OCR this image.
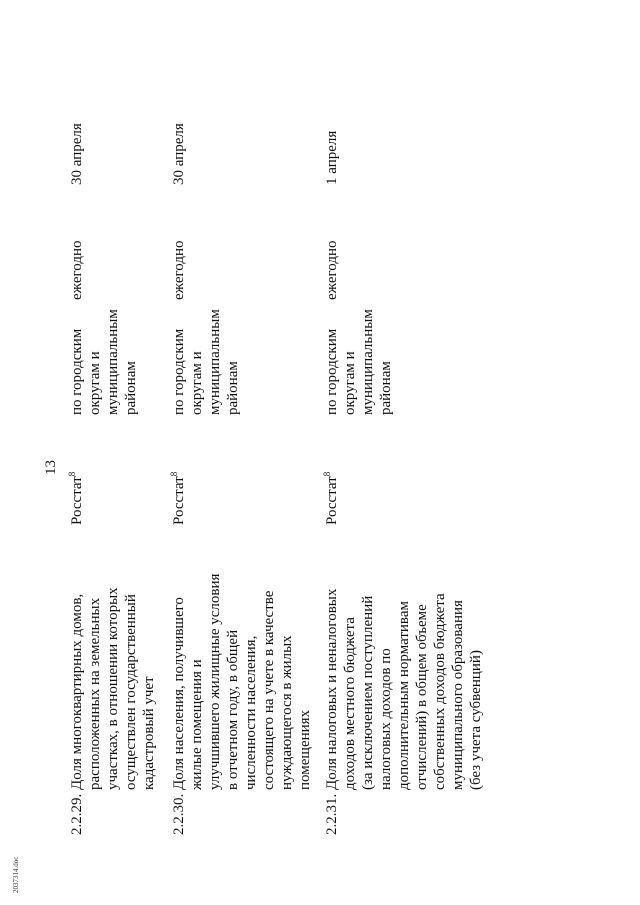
13
2037314.doc
2.2.29.
Доля многоквартирных домов, расположенных на земельных участках, в отношении которых осуществлен государственный кадастровый учет
Росстат$^8$
по городским округам и муниципальным районам
ежегодно
30 апреля
2.2.30.
Доля населения, получившего жилые помещения и улучшившего жилищные условия в отчетном году, в общей численности населения, состоящего на учете в качестве нуждающегося в жилых помещениях
Росстат$^8$
по городским округам и муниципальным районам
ежегодно
30 апреля
2.2.31.
Доля налоговых и неналоговых доходов местного бюджета (за исключением поступлений налоговых доходов по дополнительным нормативам отчислений) в общем объеме собственных доходов бюджета муниципального образования (без учета субвенций)
Росстат$^8$
по городским округам и муниципальным районам
ежегодно
1 апреля
